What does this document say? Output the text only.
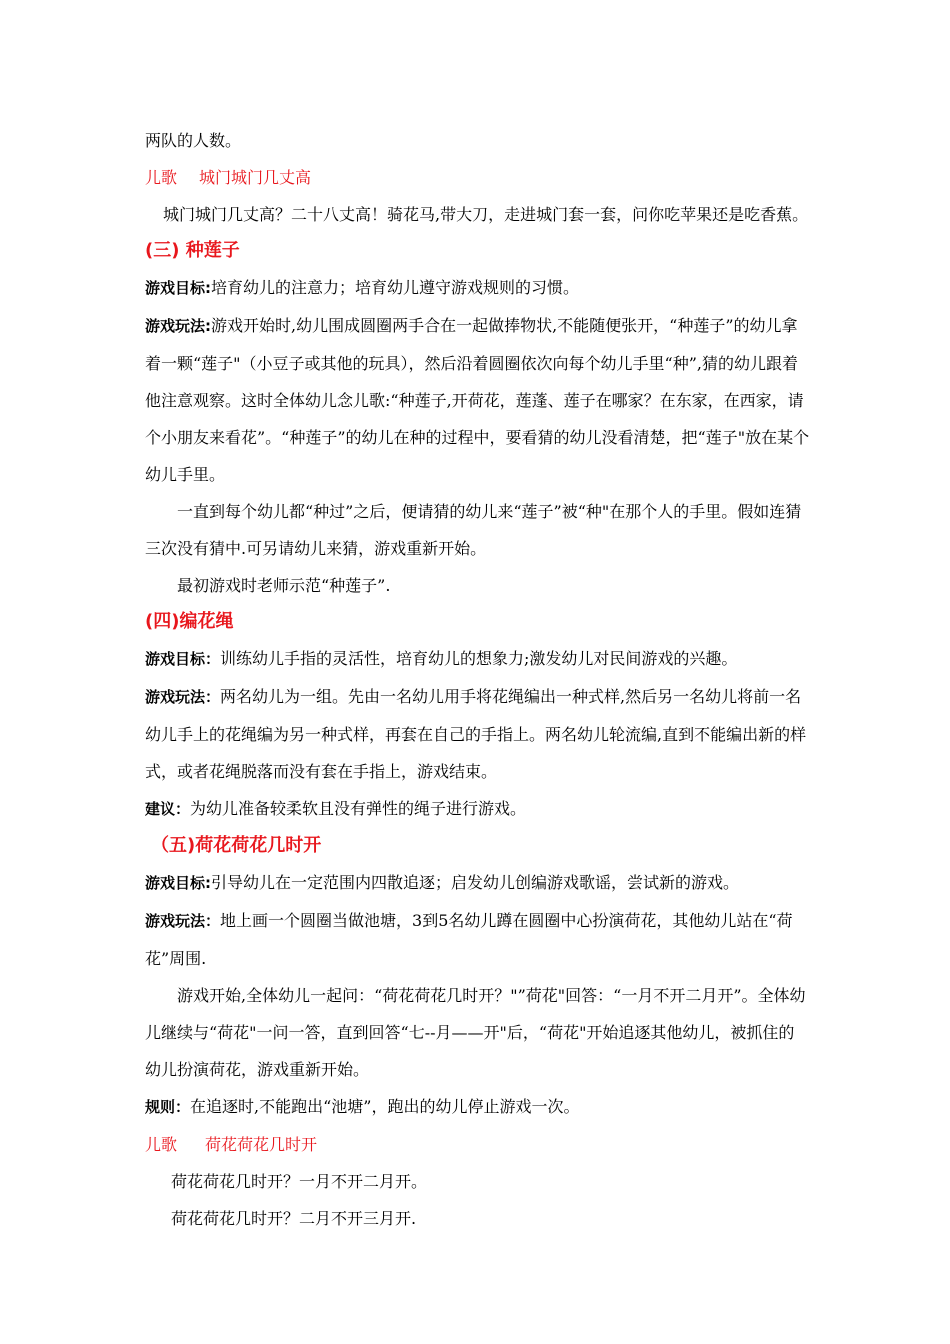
两队的人数。

儿歌 城门城门几丈高

城门城门几丈高？二十八丈高！骑花马,带大刀，走进城门套一套，问你吃苹果还是吃香蕉。

(三) 种莲子

游戏目标:培育幼儿的注意力；培育幼儿遵守游戏规则的习惯。

游戏玩法:游戏开始时,幼儿围成圆圈两手合在一起做捧物状,不能随便张开，“种莲子”的幼儿拿着一颗“莲子"（小豆子或其他的玩具），然后沿着圆圈依次向每个幼儿手里“种”,猜的幼儿跟着他注意观察。这时全体幼儿念儿歌:“种莲子,开荷花，莲蓬、莲子在哪家？在东家，在西家，请个小朋友来看花”。“种莲子”的幼儿在种的过程中，要看猜的幼儿没看清楚，把“莲子"放在某个幼儿手里。

一直到每个幼儿都“种过”之后，便请猜的幼儿来“莲子”被“种"在那个人的手里。假如连猜三次没有猜中.可另请幼儿来猜，游戏重新开始。

最初游戏时老师示范“种莲子”.

(四)编花绳

游戏目标：训练幼儿手指的灵活性，培育幼儿的想象力;激发幼儿对民间游戏的兴趣。

游戏玩法：两名幼儿为一组。先由一名幼儿用手将花绳编出一种式样,然后另一名幼儿将前一名幼儿手上的花绳编为另一种式样，再套在自己的手指上。两名幼儿轮流编,直到不能编出新的样式，或者花绳脱落而没有套在手指上，游戏结束。

建议：为幼儿准备较柔软且没有弹性的绳子进行游戏。

（五)荷花荷花几时开

游戏目标:引导幼儿在一定范围内四散追逐；启发幼儿创编游戏歌谣，尝试新的游戏。

游戏玩法：地上画一个圆圈当做池塘，3到5名幼儿蹲在圆圈中心扮演荷花，其他幼儿站在“荷花”周围.

游戏开始,全体幼儿一起问：“荷花荷花几时开？"”荷花"回答：“一月不开二月开”。全体幼儿继续与“荷花"一问一答，直到回答“七--月——开"后，“荷花"开始追逐其他幼儿，被抓住的幼儿扮演荷花，游戏重新开始。

规则：在追逐时,不能跑出“池塘”，跑出的幼儿停止游戏一次。

儿歌 荷花荷花几时开

荷花荷花几时开？一月不开二月开。

荷花荷花几时开？二月不开三月开.
